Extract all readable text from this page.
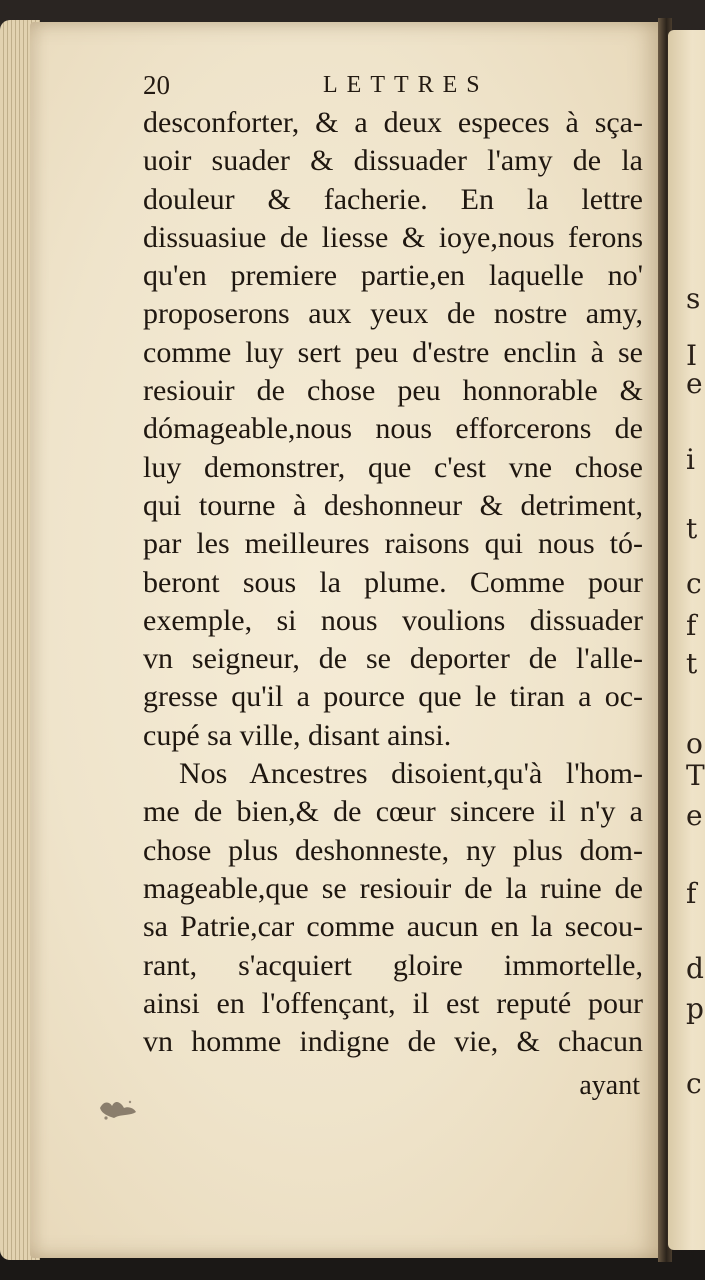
s
I
e
i
t
c
f
t
o
T
e
f
d
p
c
20	LETTRES
desconforter, & a deux especes à sça-
uoir suader & dissuader l'amy de la
douleur & facherie. En la lettre
dissuasiue de liesse & ioye,nous ferons
qu'en premiere partie,en laquelle no'
proposerons aux yeux de nostre amy,
comme luy sert peu d'estre enclin à se
resiouir de chose peu honnorable &
dómageable,nous nous efforcerons de
luy demonstrer, que c'est vne chose
qui tourne à deshonneur & detriment,
par les meilleures raisons qui nous tó-
beront sous la plume. Comme pour
exemple, si nous voulions dissuader
vn seigneur, de se deporter de l'alle-
gresse qu'il a pource que le tiran a oc-
cupé sa ville, disant ainsi.
Nos Ancestres disoient,qu'à l'hom-
me de bien,& de cœur sincere il n'y a
chose plus deshonneste, ny plus dom-
mageable,que se resiouir de la ruine de
sa Patrie,car comme aucun en la secou-
rant, s'acquiert gloire immortelle,
ainsi en l'offençant, il est reputé pour
vn homme indigne de vie, & chacun
ayant
